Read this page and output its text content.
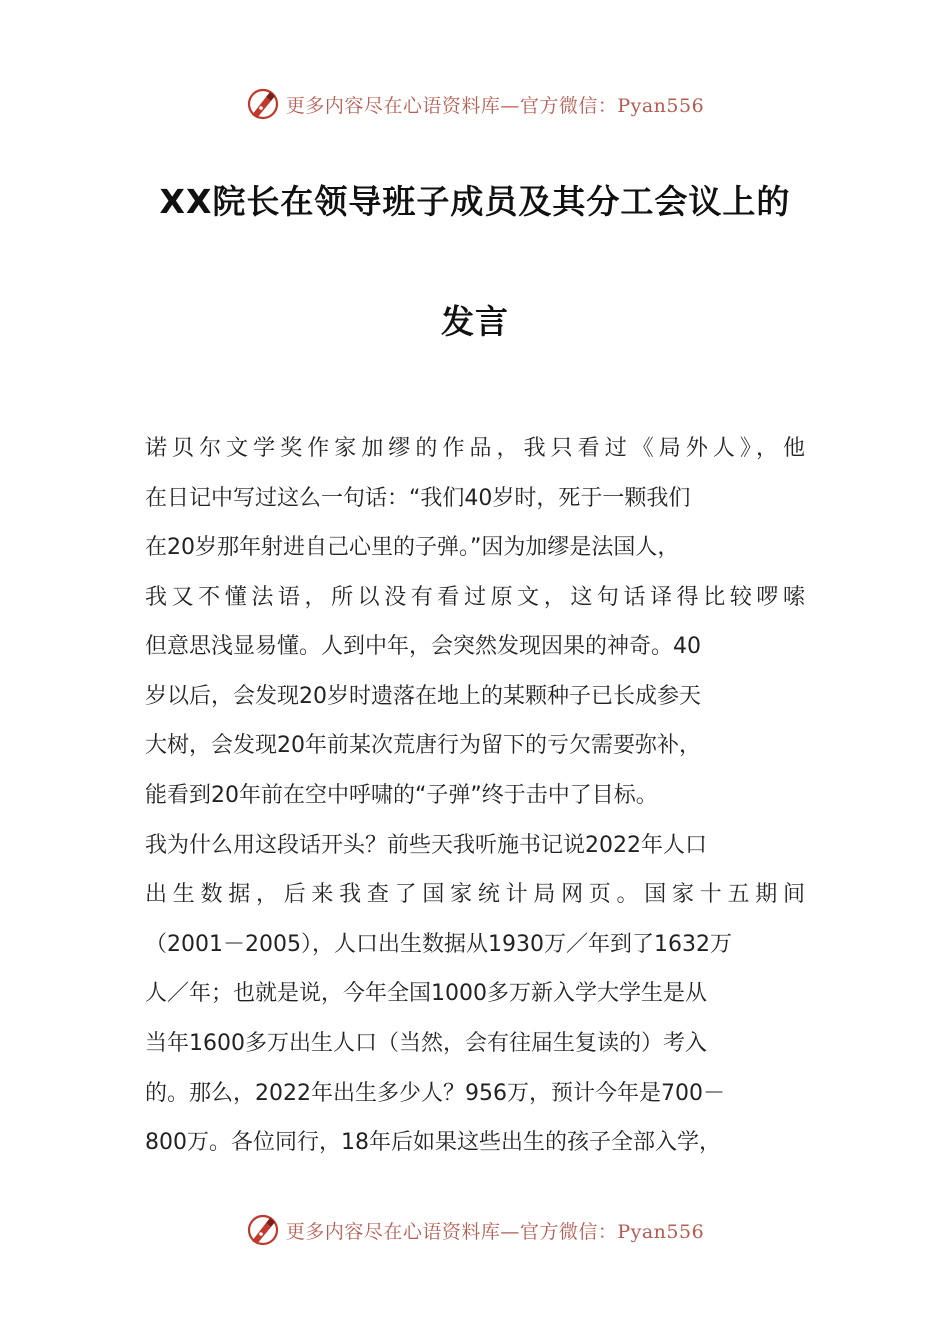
更多内容尽在心语资料库—官方微信：Pyan556
XX院长在领导班子成员及其分工会议上的
发言
诺贝尔文学奖作家加缪的作品，我只看过《局外人》，他
在日记中写过这么一句话：“我们40岁时，死于一颗我们
在20岁那年射进自己心里的子弹。”因为加缪是法国人，
我又不懂法语，所以没有看过原文，这句话译得比较啰嗦
但意思浅显易懂。人到中年，会突然发现因果的神奇。40
岁以后，会发现20岁时遗落在地上的某颗种子已长成参天
大树，会发现20年前某次荒唐行为留下的亏欠需要弥补，
能看到20年前在空中呼啸的“子弹”终于击中了目标。
我为什么用这段话开头？前些天我听施书记说2022年人口
出生数据，后来我查了国家统计局网页。国家十五期间
（2001－2005），人口出生数据从1930万／年到了1632万
人／年；也就是说，今年全国1000多万新入学大学生是从
当年1600多万出生人口（当然，会有往届生复读的）考入
的。那么，2022年出生多少人？956万，预计今年是700－
800万。各位同行，18年后如果这些出生的孩子全部入学，
更多内容尽在心语资料库—官方微信：Pyan556
